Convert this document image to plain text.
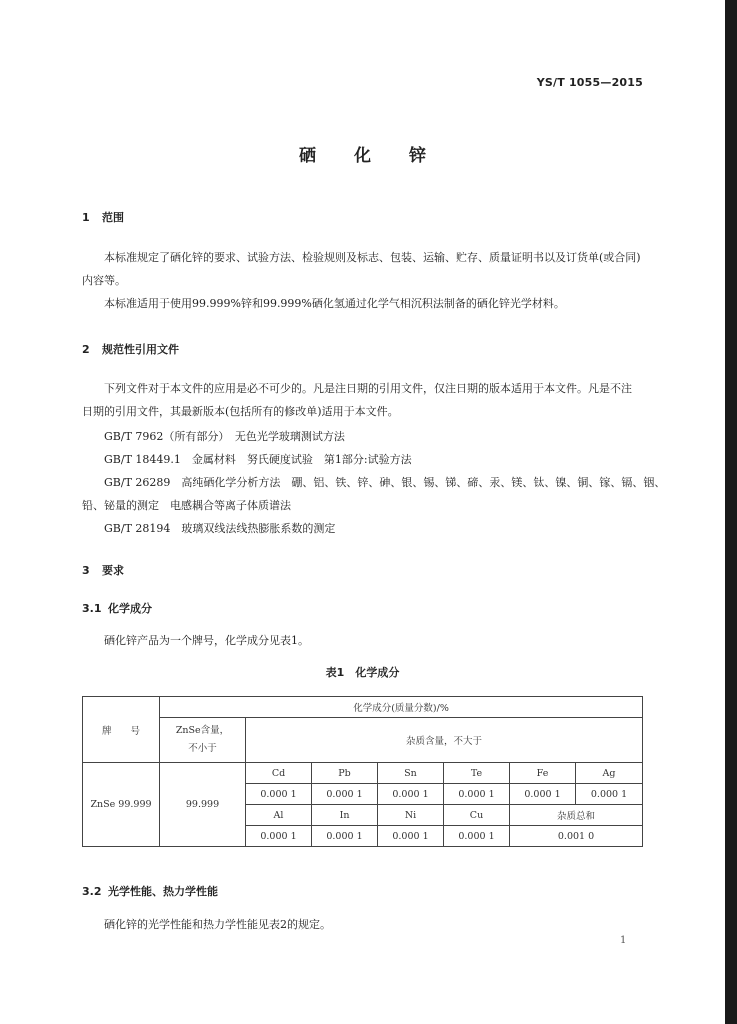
YS/T 1055—2015
硒化锌
1 范围
本标准规定了硒化锌的要求、试验方法、检验规则及标志、包装、运输、贮存、质量证明书以及订货单(或合同)内容等。
本标准适用于使用99.999%锌和99.999%硒化氢通过化学气相沉积法制备的硒化锌光学材料。
2 规范性引用文件
下列文件对于本文件的应用是必不可少的。凡是注日期的引用文件，仅注日期的版本适用于本文件。凡是不注日期的引用文件，其最新版本(包括所有的修改单)适用于本文件。
GB/T 7962（所有部分）　无色光学玻璃测试方法
GB/T 18449.1　金属材料　努氏硬度试验　第1部分:试验方法
GB/T 26289　高纯硒化学分析方法　硼、铝、铁、锌、砷、银、锡、锑、碲、汞、镁、钛、镍、铜、镓、镉、铟、
铅、铋量的测定　电感耦合等离子体质谱法
GB/T 28194　玻璃双线法线热膨胀系数的测定
3 要求
3.1 化学成分
硒化锌产品为一个牌号，化学成分见表1。
表1　化学成分
牌　　号	化学成分(质量分数)/%						
	ZnSe含量，
不小于	杂质含量，不大于					
ZnSe 99.999	99.999	Cd	Pb	Sn	Te	Fe	Ag
		0.000 1	0.000 1	0.000 1	0.000 1	0.000 1	0.000 1
		Al	In	Ni	Cu	杂质总和	
		0.000 1	0.000 1	0.000 1	0.000 1	0.001 0	
3.2 光学性能、热力学性能
硒化锌的光学性能和热力学性能见表2的规定。
1
